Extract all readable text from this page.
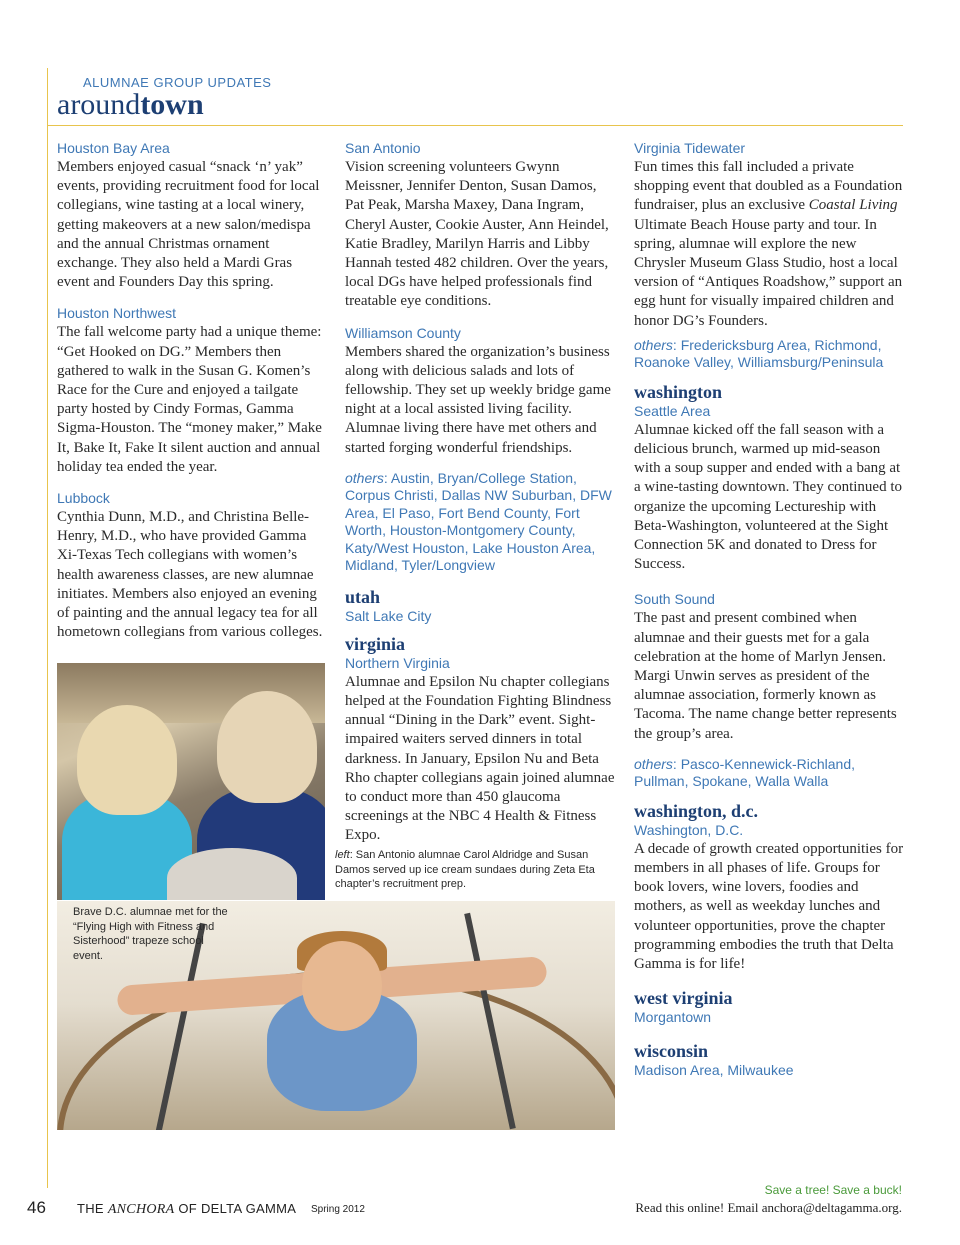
ALUMNAE GROUP UPDATES
aroundtown
Houston Bay Area
Members enjoyed casual “snack ‘n’ yak” events, providing recruitment food for local collegians, wine tasting at a local winery, getting makeovers at a new salon/medispa and the annual Christmas ornament exchange. They also held a Mardi Gras event and Founders Day this spring.
Houston Northwest
The fall welcome party had a unique theme: “Get Hooked on DG.” Members then gathered to walk in the Susan G. Komen’s Race for the Cure and enjoyed a tailgate party hosted by Cindy Formas, Gamma Sigma-Houston. The “money maker,” Make It, Bake It, Fake It silent auction and annual holiday tea ended the year.
Lubbock
Cynthia Dunn, M.D., and Christina Belle-Henry, M.D., who have provided Gamma Xi-Texas Tech collegians with women’s health awareness classes, are new alumnae initiates. Members also enjoyed an evening of painting and the annual legacy tea for all hometown collegians from various colleges.
San Antonio
Vision screening volunteers Gwynn Meissner, Jennifer Denton, Susan Damos, Pat Peak, Marsha Maxey, Dana Ingram, Cheryl Auster, Cookie Auster, Ann Heindel, Katie Bradley, Marilyn Harris and Libby Hannah tested 482 children. Over the years, local DGs have helped professionals find treatable eye conditions.
Williamson County
Members shared the organization’s business along with delicious salads and lots of fellowship. They set up weekly bridge game night at a local assisted living facility. Alumnae living there have met others and started forging wonderful friendships.
others: Austin, Bryan/College Station, Corpus Christi, Dallas NW Suburban, DFW Area, El Paso, Fort Bend County, Fort Worth, Houston-Montgomery County, Katy/West Houston, Lake Houston Area, Midland, Tyler/Longview
utah
Salt Lake City
virginia
Northern Virginia
Alumnae and Epsilon Nu chapter collegians helped at the Foundation Fighting Blindness annual “Dining in the Dark” event. Sight-impaired waiters served dinners in total darkness. In January, Epsilon Nu and Beta Rho chapter collegians again joined alumnae to conduct more than 450 glaucoma screenings at the NBC 4 Health & Fitness Expo.
Virginia Tidewater
Fun times this fall included a private shopping event that doubled as a Foundation fundraiser, plus an exclusive Coastal Living Ultimate Beach House party and tour. In spring, alumnae will explore the new Chrysler Museum Glass Studio, host a local version of “Antiques Roadshow,” support an egg hunt for visually impaired children and honor DG’s Founders.
others: Fredericksburg Area, Richmond, Roanoke Valley, Williamsburg/Peninsula
washington
Seattle Area
Alumnae kicked off the fall season with a delicious brunch, warmed up mid-season with a soup supper and ended with a bang at a wine-tasting downtown. They continued to organize the upcoming Lectureship with Beta-Washington, volunteered at the Sight Connection 5K and donated to Dress for Success.
South Sound
The past and present combined when alumnae and their guests met for a gala celebration at the home of Marlyn Jensen. Margi Unwin serves as president of the alumnae association, formerly known as Tacoma. The name change better represents the group’s area.
others: Pasco-Kennewick-Richland, Pullman, Spokane, Walla Walla
washington, d.c.
Washington, D.C.
A decade of growth created opportunities for members in all phases of life. Groups for book lovers, wine lovers, foodies and mothers, as well as weekday lunches and volunteer opportunities, prove the chapter programming embodies the truth that Delta Gamma is for life!
west virginia
Morgantown
wisconsin
Madison Area, Milwaukee
left: San Antonio alumnae Carol Aldridge and Susan Damos served up ice cream sundaes during Zeta Eta chapter’s recruitment prep.
Brave D.C. alumnae met for the “Flying High with Fitness and Sisterhood” trapeze school event.
46 THE ANCHORA OF DELTA GAMMA Spring 2012
Save a tree! Save a buck!
Read this online! Email anchora@deltagamma.org.
